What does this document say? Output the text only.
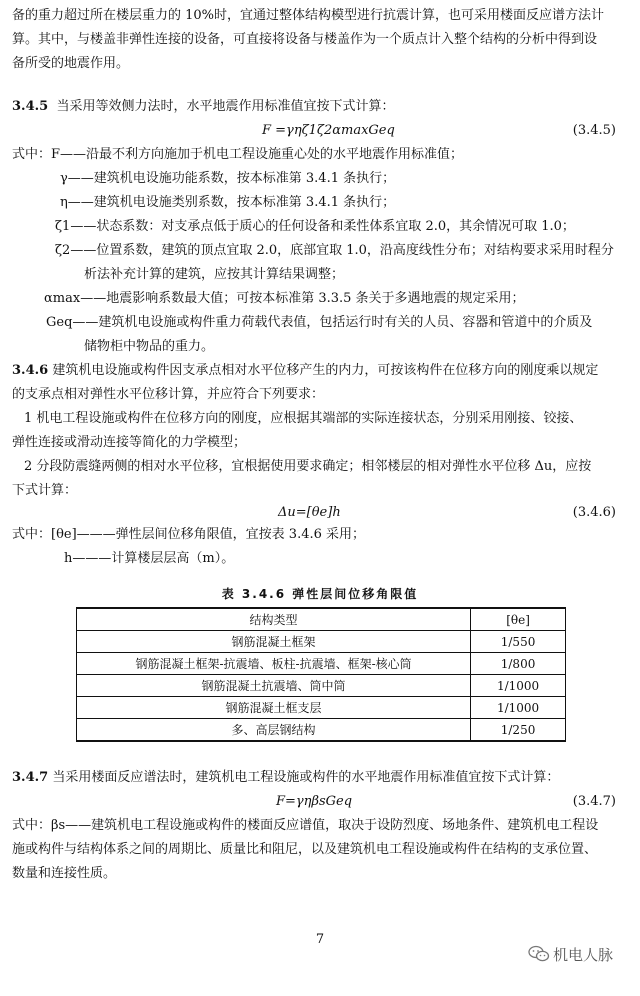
备的重力超过所在楼层重力的 10%时，宜通过整体结构模型进行抗震计算，也可采用楼面反应谱方法计
算。其中，与楼盖非弹性连接的设备，可直接将设备与楼盖作为一个质点计入整个结构的分析中得到设
备所受的地震作用。
3.4.5 当采用等效侧力法时，水平地震作用标准值宜按下式计算：
F =γηζ1ζ2αmaxGeq	(3.4.5)
式中：F——沿最不利方向施加于机电工程设施重心处的水平地震作用标准值；
γ——建筑机电设施功能系数，按本标准第 3.4.1 条执行；
η——建筑机电设施类别系数，按本标准第 3.4.1 条执行；
ζ1——状态系数：对支承点低于质心的任何设备和柔性体系宜取 2.0，其余情况可取 1.0；
ζ2——位置系数，建筑的顶点宜取 2.0，底部宜取 1.0，沿高度线性分布；对结构要求采用时程分
析法补充计算的建筑，应按其计算结果调整；
αmax——地震影响系数最大值；可按本标准第 3.3.5 条关于多遇地震的规定采用；
Geq——建筑机电设施或构件重力荷载代表值，包括运行时有关的人员、容器和管道中的介质及
储物柜中物品的重力。
3.4.6 建筑机电设施或构件因支承点相对水平位移产生的内力，可按该构件在位移方向的刚度乘以规定
的支承点相对弹性水平位移计算，并应符合下列要求：
1 机电工程设施或构件在位移方向的刚度，应根据其端部的实际连接状态，分别采用刚接、铰接、
弹性连接或滑动连接等简化的力学模型；
2 分段防震缝两侧的相对水平位移，宜根据使用要求确定；相邻楼层的相对弹性水平位移 Δu，应按
下式计算：
Δu=[θe]h	(3.4.6)
式中：[θe]———弹性层间位移角限值，宜按表 3.4.6 采用；
h———计算楼层层高（m）。
表 3.4.6 弹性层间位移角限值
结构类型	[θe]
钢筋混凝土框架	1/550
钢筋混凝土框架-抗震墙、板柱-抗震墙、框架-核心筒	1/800
钢筋混凝土抗震墙、筒中筒	1/1000
钢筋混凝土框支层	1/1000
多、高层钢结构	1/250
3.4.7 当采用楼面反应谱法时，建筑机电工程设施或构件的水平地震作用标准值宜按下式计算：
F=γηβsGeq	(3.4.7)
式中：βs——建筑机电工程设施或构件的楼面反应谱值，取决于设防烈度、场地条件、建筑机电工程设
施或构件与结构体系之间的周期比、质量比和阻尼，以及建筑机电工程设施或构件在结构的支承位置、
数量和连接性质。
7
机电人脉
